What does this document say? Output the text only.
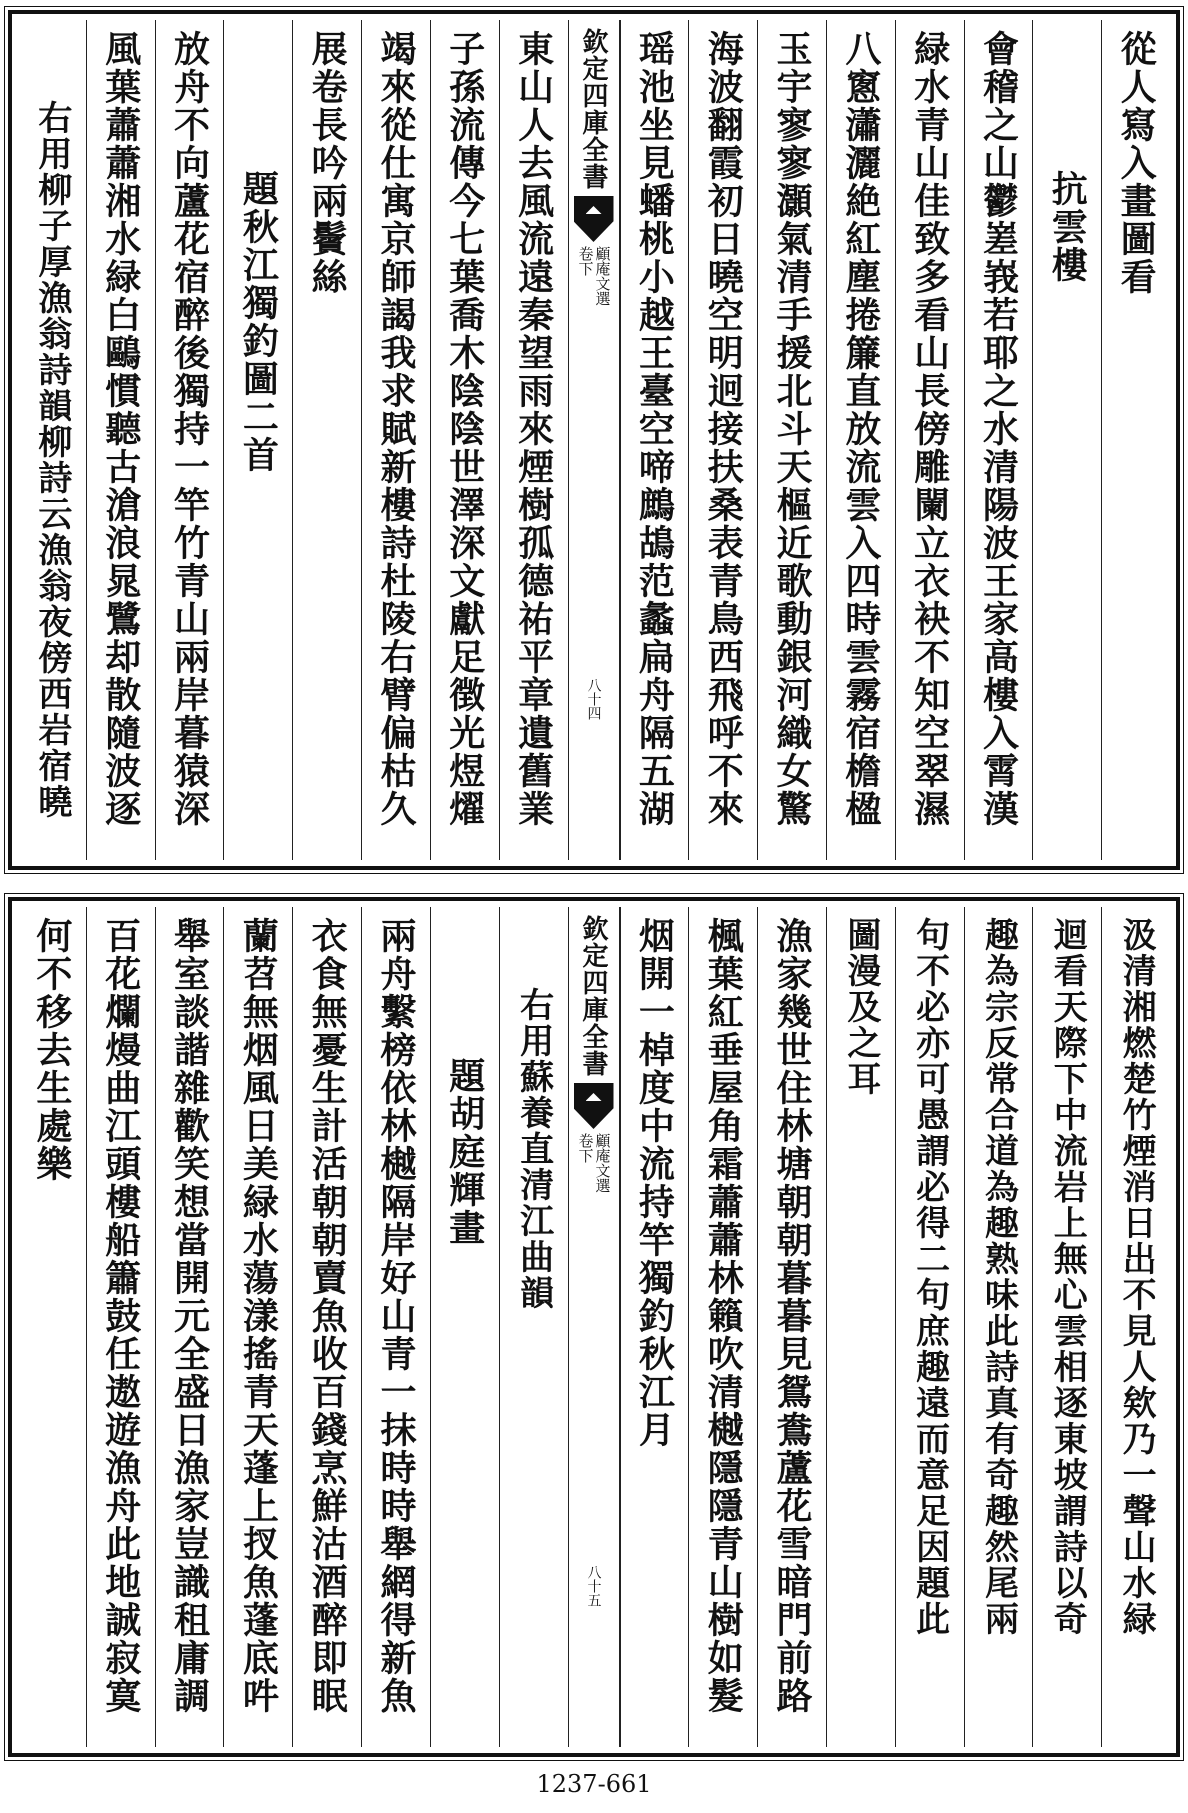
從人寫入畫圖看
抗雲樓
會稽之山鬱嵳峩若耶之水清陽波王家高樓入霄漢
緑水青山佳致多看山長傍雕闌立衣袂不知空翠濕
八窻瀟灑絶紅塵捲簾直放流雲入四時雲霧宿檐楹
玉宇寥寥灝氣清手援北斗天樞近歌動銀河織女驚
海波翻霞初日曉空明迥接扶桑表青鳥西飛呼不來
瑶池坐見蟠桃小越王臺空啼鷓鴣范蠡扁舟隔五湖
欽定四庫全書
顧庵文選
卷下
八十四
東山人去風流遠秦望雨來煙樹孤德祐平章遺舊業
子孫流傳今七葉喬木陰陰世澤深文獻足徴光煜燿
竭來從仕寓京師謁我求賦新樓詩杜陵右臂偏枯久
展卷長吟兩鬢絲
題秋江獨釣圖二首
放舟不向蘆花宿醉後獨持一竿竹青山兩岸暮猿深
風葉蕭蕭湘水緑白鷗慣聽古滄浪晁鷺却散隨波逐
右用柳子厚漁翁詩韻柳詩云漁翁夜傍西岩宿曉
汲清湘燃楚竹煙消日出不見人欸乃一聲山水緑
迴看天際下中流岩上無心雲相逐東坡謂詩以奇
趣為宗反常合道為趣熟味此詩真有奇趣然尾兩
句不必亦可愚謂必得二句庶趣遠而意足因題此
圖漫及之耳
漁家幾世住林塘朝朝暮暮見鴛鴦蘆花雪暗門前路
楓葉紅垂屋角霜蕭蕭林籟吹清樾隱隱青山樹如髮
烟開一棹度中流持竿獨釣秋江月
欽定四庫全書
顧庵文選
卷下
八十五
右用蘇養直清江曲韻
題胡庭輝畫
兩舟繫榜依林樾隔岸好山青一抹時時舉網得新魚
衣食無憂生計活朝朝賣魚收百錢烹鮮沽酒醉即眠
蘭苕無烟風日美緑水蕩漾搖青天蓬上扠魚蓬底吽
舉室談諧雜歡笑想當開元全盛日漁家豈識租庸調
百花爛熳曲江頭樓船簫鼓任遨遊漁舟此地誠寂寞
何不移去生處樂
1237-661
